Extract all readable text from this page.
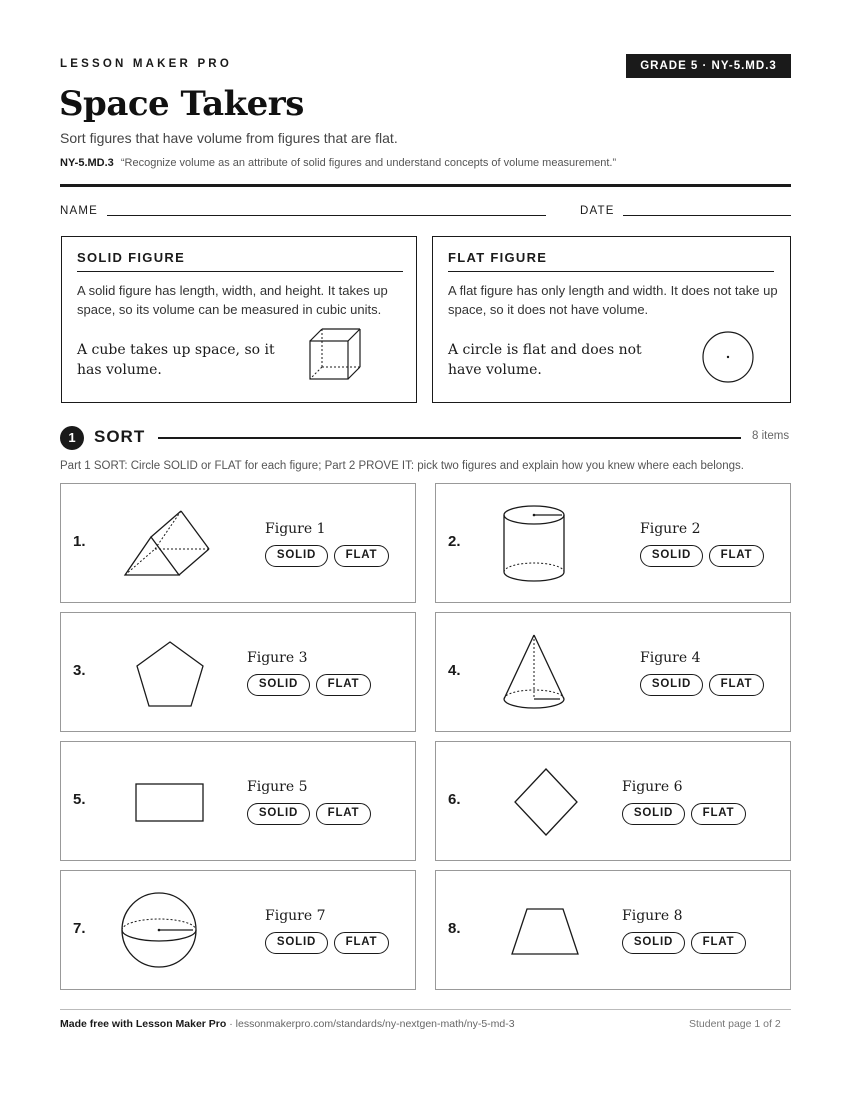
LESSON MAKER PRO	GRADE 5 · NY-5.MD.3
Space Takers
Sort figures that have volume from figures that are flat.
NY-5.MD.3 “Recognize volume as an attribute of solid figures and understand concepts of volume measurement.”
NAME	DATE
SOLID FIGURE
A solid figure has length, width, and height. It takes up space, so its volume can be measured in cubic units.
A cube takes up space, so it has volume.
FLAT FIGURE
A flat figure has only length and width. It does not take up space, so it does not have volume.
A circle is flat and does not have volume.
1	SORT	8 items
Part 1 SORT: Circle SOLID or FLAT for each figure; Part 2 PROVE IT: pick two figures and explain how you knew where each belongs.
1.
Figure 1
SOLID	FLAT
2.
Figure 2
SOLID	FLAT
3.
Figure 3
SOLID	FLAT
4.
Figure 4
SOLID	FLAT
5.
Figure 5
SOLID	FLAT
6.
Figure 6
SOLID	FLAT
7.
Figure 7
SOLID	FLAT
8.
Figure 8
SOLID	FLAT
Made free with Lesson Maker Pro · lessonmakerpro.com/standards/ny-nextgen-math/ny-5-md-3	Student page 1 of 2
